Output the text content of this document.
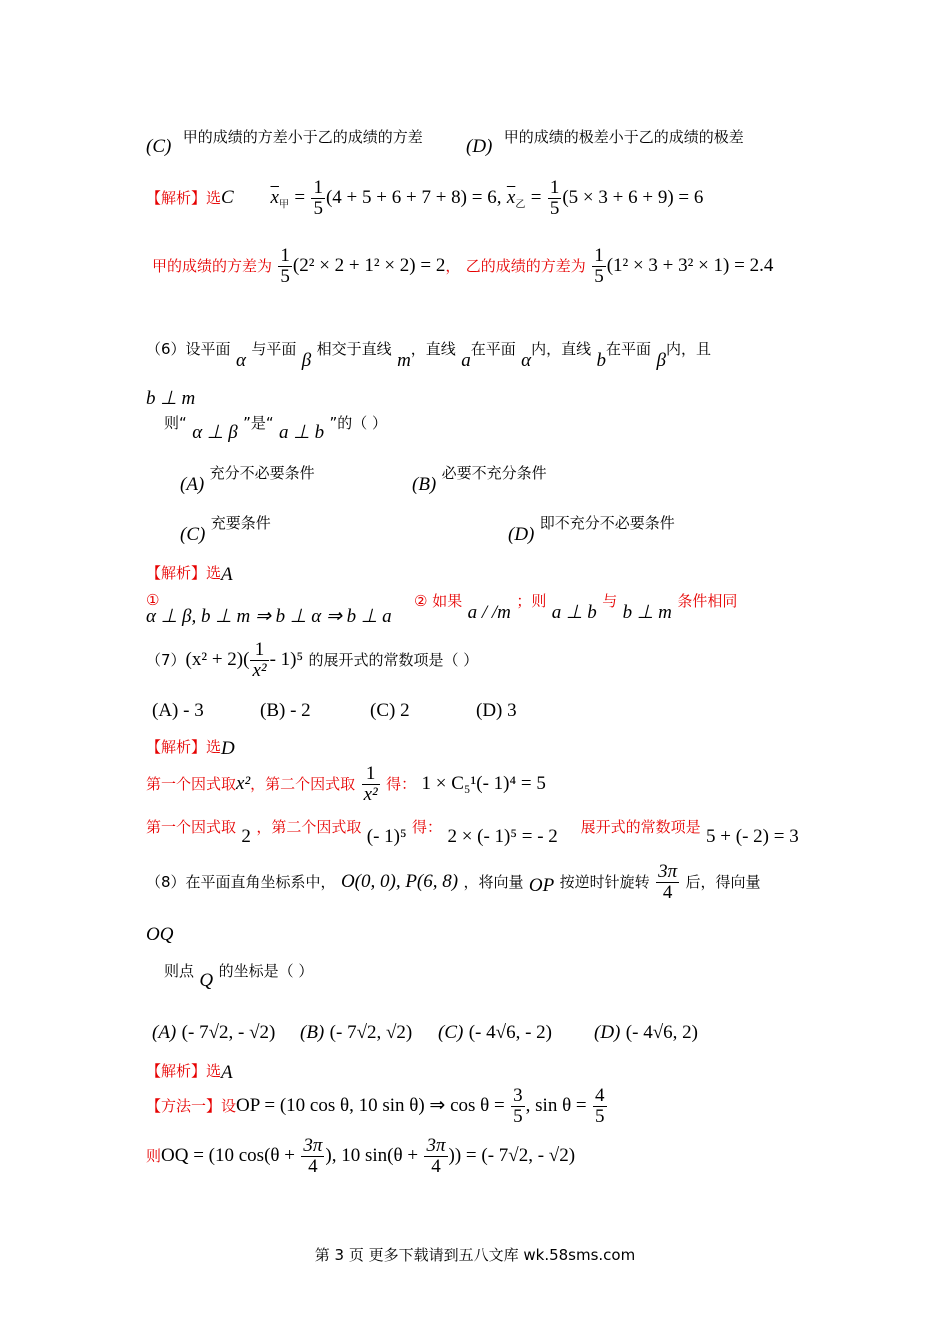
(C) 甲的成绩的方差小于乙的成绩的方差 (D) 甲的成绩的极差小于乙的成绩的极差
【解析】选C $\overline{x}_甲 = \frac{1}{5} (4 + 5 + 6 + 7 + 8) = 6$, $\overline{x}_乙 = \frac{1}{5} (5 \times 3 + 6 + 9) = 6$
甲的成绩的方差为 $\frac{1}{5} (2^2 \times 2 + 1^2 \times 2) = 2$， 乙的成绩的方差为 $\frac{1}{5} (1^2 \times 3 + 3^2 \times 1) = 2.4$
（6）设平面 α 与平面 β 相交于直线 m，直线 a在平面 α内，直线 b在平面 β内，且
b ⊥ m
则“ α ⊥ β ”是“ a ⊥ b ”的（ ）
(A) 充分不必要条件
(B) 必要不充分条件
(C) 充要条件
(D) 即不充分不必要条件
【解析】选A
①
α ⊥ β, b ⊥ m ⇒ b ⊥ α ⇒ b ⊥ a
② 如果 a / /m ；则 a ⊥ b 与 b ⊥ m 条件相同
$(7)(x^2 + 2)( \frac{1}{\text{x²}} - 1)^5$ 的展开式的常数项是（ ）
(A) - 3	(B) - 2	(C) 2	(D) 3
【解析】选D
第一个因式取x²，第二个因式取 $\frac{1}{\text{x²}}$ 得： 1 × C₅¹(- 1)⁴ = 5
第一个因式取 2 ，第二个因式取 (- 1)⁵ 得： 2 × (- 1)⁵ = - 2 展开式的常数项是 5 + (- 2) = 3
（8）在平面直角坐标系中， O(0, 0), P(6, 8) ，将向量 OP 按逆时针旋转 $\frac{3\pi}{4}$ 后，得向量
OQ
则点 Q 的坐标是（ ）
(A) (- 7√2, - √2) (B) (- 7√2, √2) (C) (- 4√6, - 2) (D) (- 4√6, 2)
【解析】选A
【方法一】设OP = (10 cos θ, 10 sin θ) ⇒ $\cos \theta = \frac{3}{5}$ , $\sin \theta = \frac{4}{5}$
则OQ = (10 $\cos(\theta + \frac{3\pi}{4}$ ), 10 $\sin(\theta + \frac{3\pi}{4}$ )) = (- 7√2, - √2)
第 3 页 更多下载请到五八文库 wk.58sms.com
